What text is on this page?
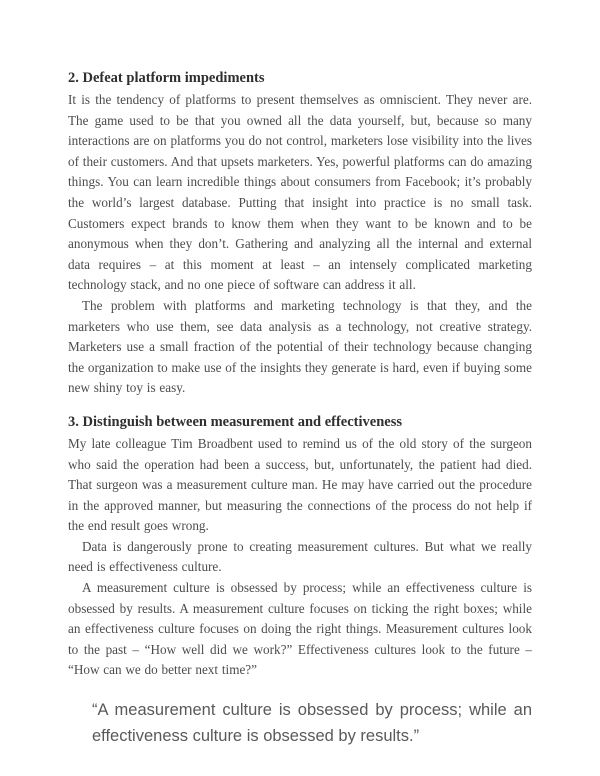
2. Defeat platform impediments

It is the tendency of platforms to present themselves as omniscient. They never are. The game used to be that you owned all the data yourself, but, because so many interactions are on platforms you do not control, marketers lose visibility into the lives of their customers. And that upsets marketers. Yes, powerful platforms can do amazing things. You can learn incredible things about consumers from Facebook; it’s probably the world’s largest database. Putting that insight into practice is no small task. Customers expect brands to know them when they want to be known and to be anonymous when they don’t. Gathering and analyzing all the internal and external data requires – at this moment at least – an intensely complicated marketing technology stack, and no one piece of software can address it all.

The problem with platforms and marketing technology is that they, and the marketers who use them, see data analysis as a technology, not creative strategy. Marketers use a small fraction of the potential of their technology because changing the organization to make use of the insights they generate is hard, even if buying some new shiny toy is easy.

3. Distinguish between measurement and effectiveness

My late colleague Tim Broadbent used to remind us of the old story of the surgeon who said the operation had been a success, but, unfortunately, the patient had died. That surgeon was a measurement culture man. He may have carried out the procedure in the approved manner, but measuring the connections of the process do not help if the end result goes wrong.

Data is dangerously prone to creating measurement cultures. But what we really need is effectiveness culture.

A measurement culture is obsessed by process; while an effectiveness culture is obsessed by results. A measurement culture focuses on ticking the right boxes; while an effectiveness culture focuses on doing the right things. Measurement cultures look to the past – “How well did we work?” Effectiveness cultures look to the future – “How can we do better next time?”

“A measurement culture is obsessed by process; while an effectiveness culture is obsessed by results.”
